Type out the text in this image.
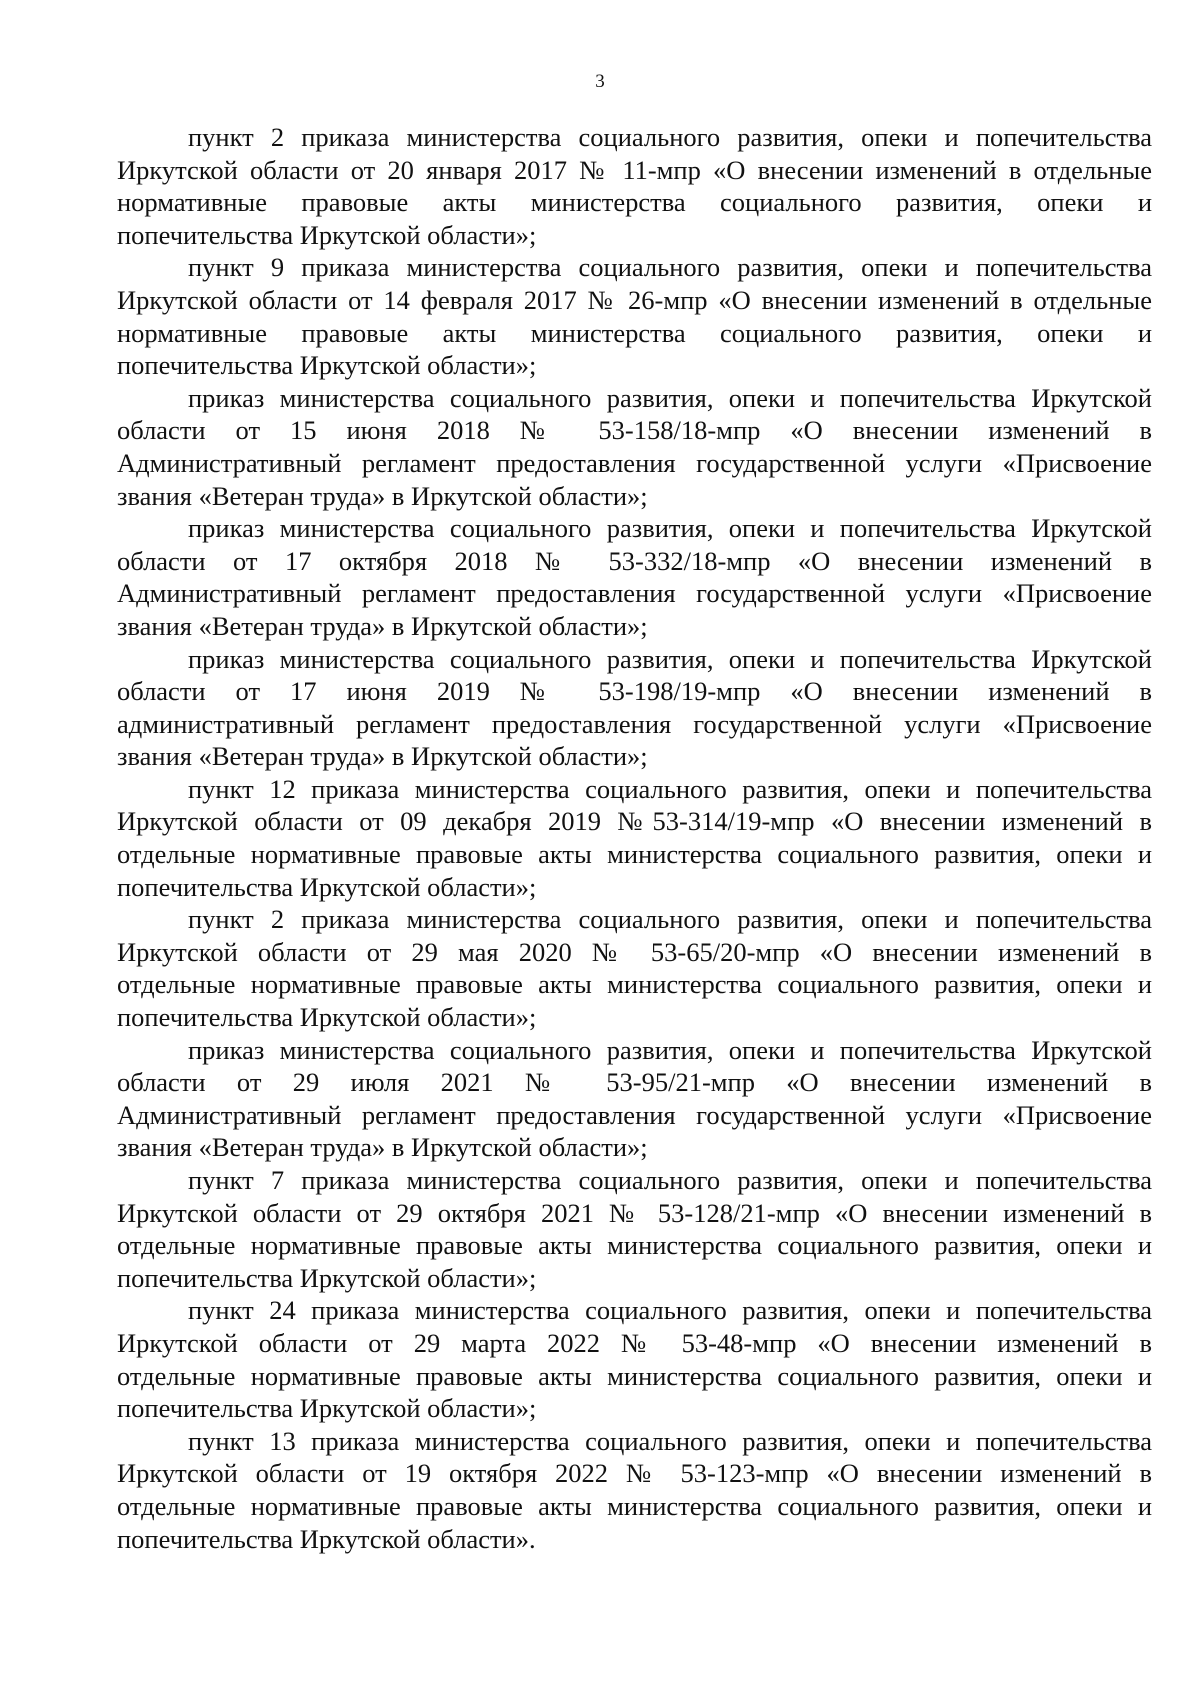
3

пункт 2 приказа министерства социального развития, опеки и попечительства
Иркутской области от 20 января 2017 № 11-мпр «О внесении изменений в отдельные
нормативные правовые акты министерства социального развития, опеки и
попечительства Иркутской области»;

пункт 9 приказа министерства социального развития, опеки и попечительства
Иркутской области от 14 февраля 2017 № 26-мпр «О внесении изменений в отдельные
нормативные правовые акты министерства социального развития, опеки и
попечительства Иркутской области»;

приказ министерства социального развития, опеки и попечительства Иркутской
области от 15 июня 2018 № 53-158/18-мпр «О внесении изменений в
Административный регламент предоставления государственной услуги «Присвоение
звания «Ветеран труда» в Иркутской области»;

приказ министерства социального развития, опеки и попечительства Иркутской
области от 17 октября 2018 № 53-332/18-мпр «О внесении изменений в
Административный регламент предоставления государственной услуги «Присвоение
звания «Ветеран труда» в Иркутской области»;

приказ министерства социального развития, опеки и попечительства Иркутской
области от 17 июня 2019 № 53-198/19-мпр «О внесении изменений в
административный регламент предоставления государственной услуги «Присвоение
звания «Ветеран труда» в Иркутской области»;

пункт 12 приказа министерства социального развития, опеки и попечительства
Иркутской области от 09 декабря 2019 №53-314/19-мпр «О внесении изменений в
отдельные нормативные правовые акты министерства социального развития, опеки и
попечительства Иркутской области»;

пункт 2 приказа министерства социального развития, опеки и попечительства
Иркутской области от 29 мая 2020 № 53-65/20-мпр «О внесении изменений в
отдельные нормативные правовые акты министерства социального развития, опеки и
попечительства Иркутской области»;

приказ министерства социального развития, опеки и попечительства Иркутской
области от 29 июля 2021 № 53-95/21-мпр «О внесении изменений в
Административный регламент предоставления государственной услуги «Присвоение
звания «Ветеран труда» в Иркутской области»;

пункт 7 приказа министерства социального развития, опеки и попечительства
Иркутской области от 29 октября 2021 № 53-128/21-мпр «О внесении изменений в
отдельные нормативные правовые акты министерства социального развития, опеки и
попечительства Иркутской области»;

пункт 24 приказа министерства социального развития, опеки и попечительства
Иркутской области от 29 марта 2022 № 53-48-мпр «О внесении изменений в
отдельные нормативные правовые акты министерства социального развития, опеки и
попечительства Иркутской области»;

пункт 13 приказа министерства социального развития, опеки и попечительства
Иркутской области от 19 октября 2022 № 53-123-мпр «О внесении изменений в
отдельные нормативные правовые акты министерства социального развития, опеки и
попечительства Иркутской области».
